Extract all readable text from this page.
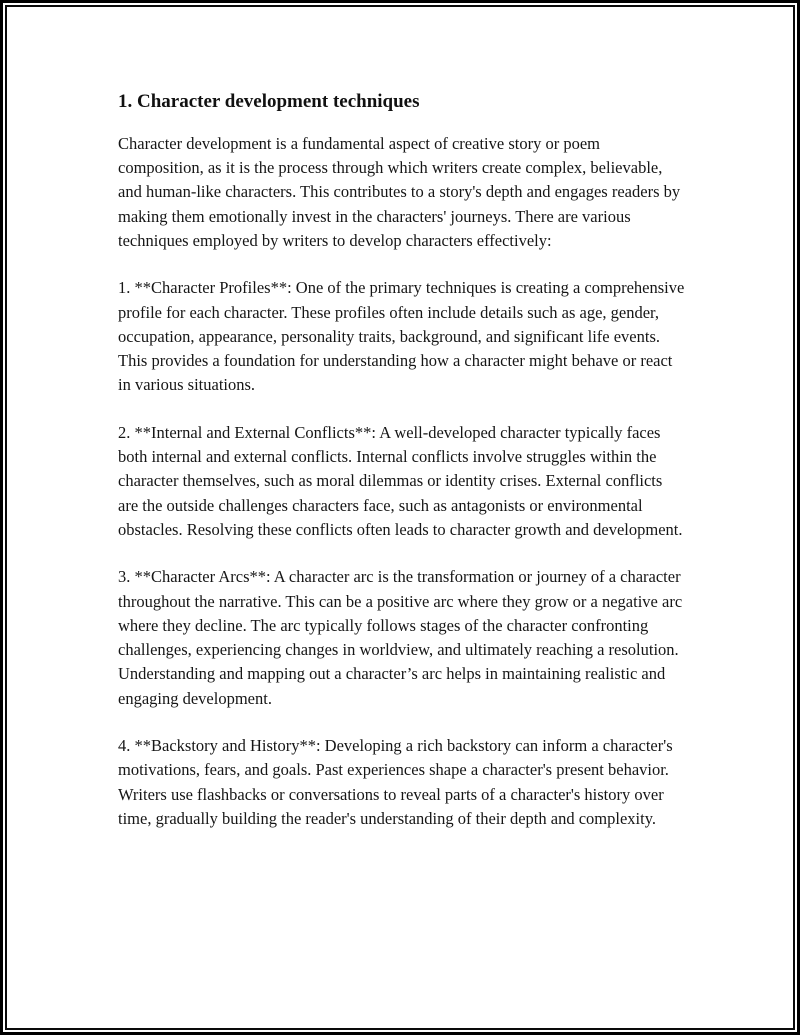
1. Character development techniques

Character development is a fundamental aspect of creative story or poem composition, as it is the process through which writers create complex, believable, and human-like characters. This contributes to a story's depth and engages readers by making them emotionally invest in the characters' journeys. There are various techniques employed by writers to develop characters effectively:

1. **Character Profiles**: One of the primary techniques is creating a comprehensive profile for each character. These profiles often include details such as age, gender, occupation, appearance, personality traits, background, and significant life events. This provides a foundation for understanding how a character might behave or react in various situations.

2. **Internal and External Conflicts**: A well-developed character typically faces both internal and external conflicts. Internal conflicts involve struggles within the character themselves, such as moral dilemmas or identity crises. External conflicts are the outside challenges characters face, such as antagonists or environmental obstacles. Resolving these conflicts often leads to character growth and development.

3. **Character Arcs**: A character arc is the transformation or journey of a character throughout the narrative. This can be a positive arc where they grow or a negative arc where they decline. The arc typically follows stages of the character confronting challenges, experiencing changes in worldview, and ultimately reaching a resolution. Understanding and mapping out a character’s arc helps in maintaining realistic and engaging development.

4. **Backstory and History**: Developing a rich backstory can inform a character's motivations, fears, and goals. Past experiences shape a character's present behavior. Writers use flashbacks or conversations to reveal parts of a character's history over time, gradually building the reader's understanding of their depth and complexity.
